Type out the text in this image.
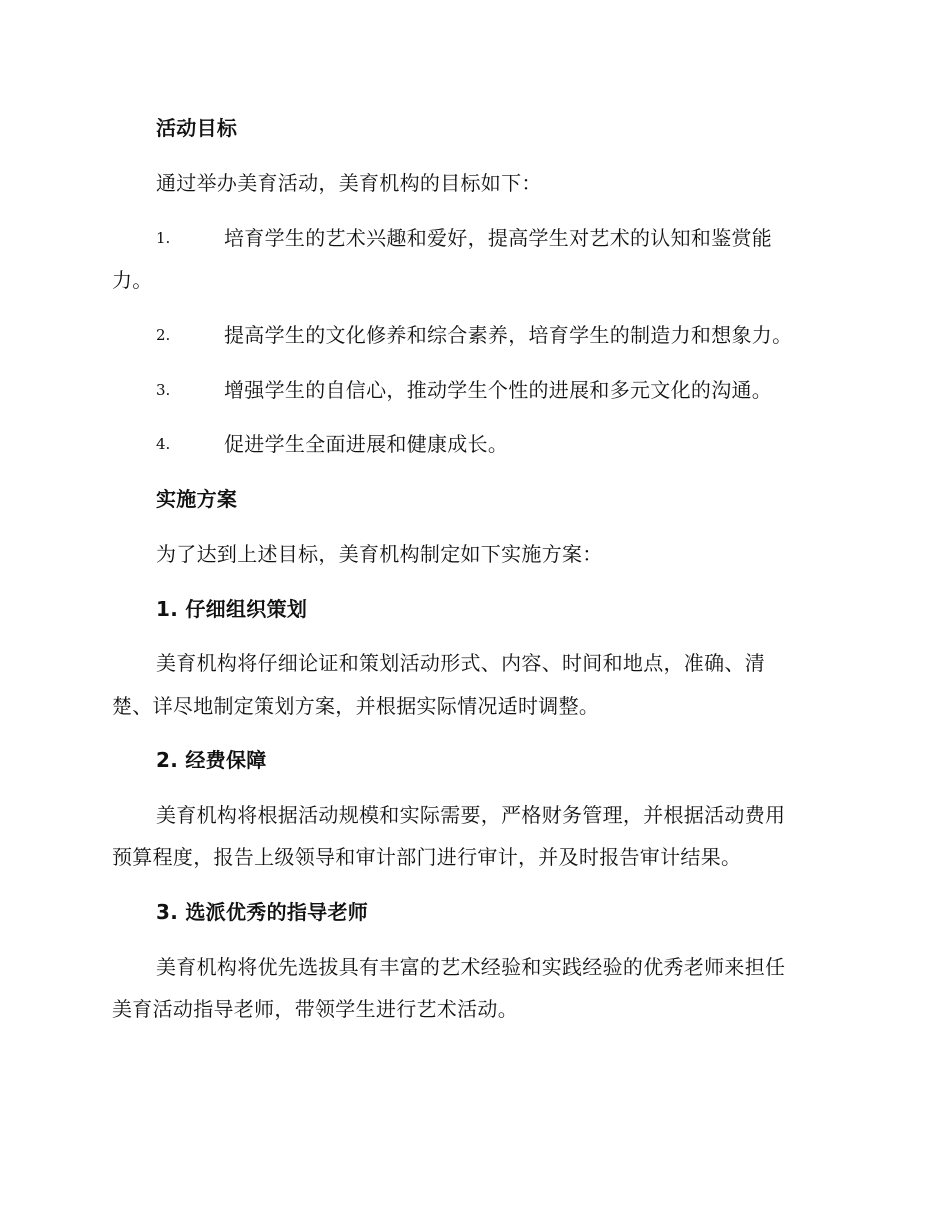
活动目标
通过举办美育活动，美育机构的目标如下：
1.	培育学生的艺术兴趣和爱好，提高学生对艺术的认知和鉴赏能
力。
2.	提高学生的文化修养和综合素养，培育学生的制造力和想象力。
3.	增强学生的自信心，推动学生个性的进展和多元文化的沟通。
4.	促进学生全面进展和健康成长。
实施方案
为了达到上述目标，美育机构制定如下实施方案：
1. 仔细组织策划
美育机构将仔细论证和策划活动形式、内容、时间和地点，准确、清
楚、详尽地制定策划方案，并根据实际情况适时调整。
2. 经费保障
美育机构将根据活动规模和实际需要，严格财务管理，并根据活动费用
预算程度，报告上级领导和审计部门进行审计，并及时报告审计结果。
3. 选派优秀的指导老师
美育机构将优先选拔具有丰富的艺术经验和实践经验的优秀老师来担任
美育活动指导老师，带领学生进行艺术活动。
